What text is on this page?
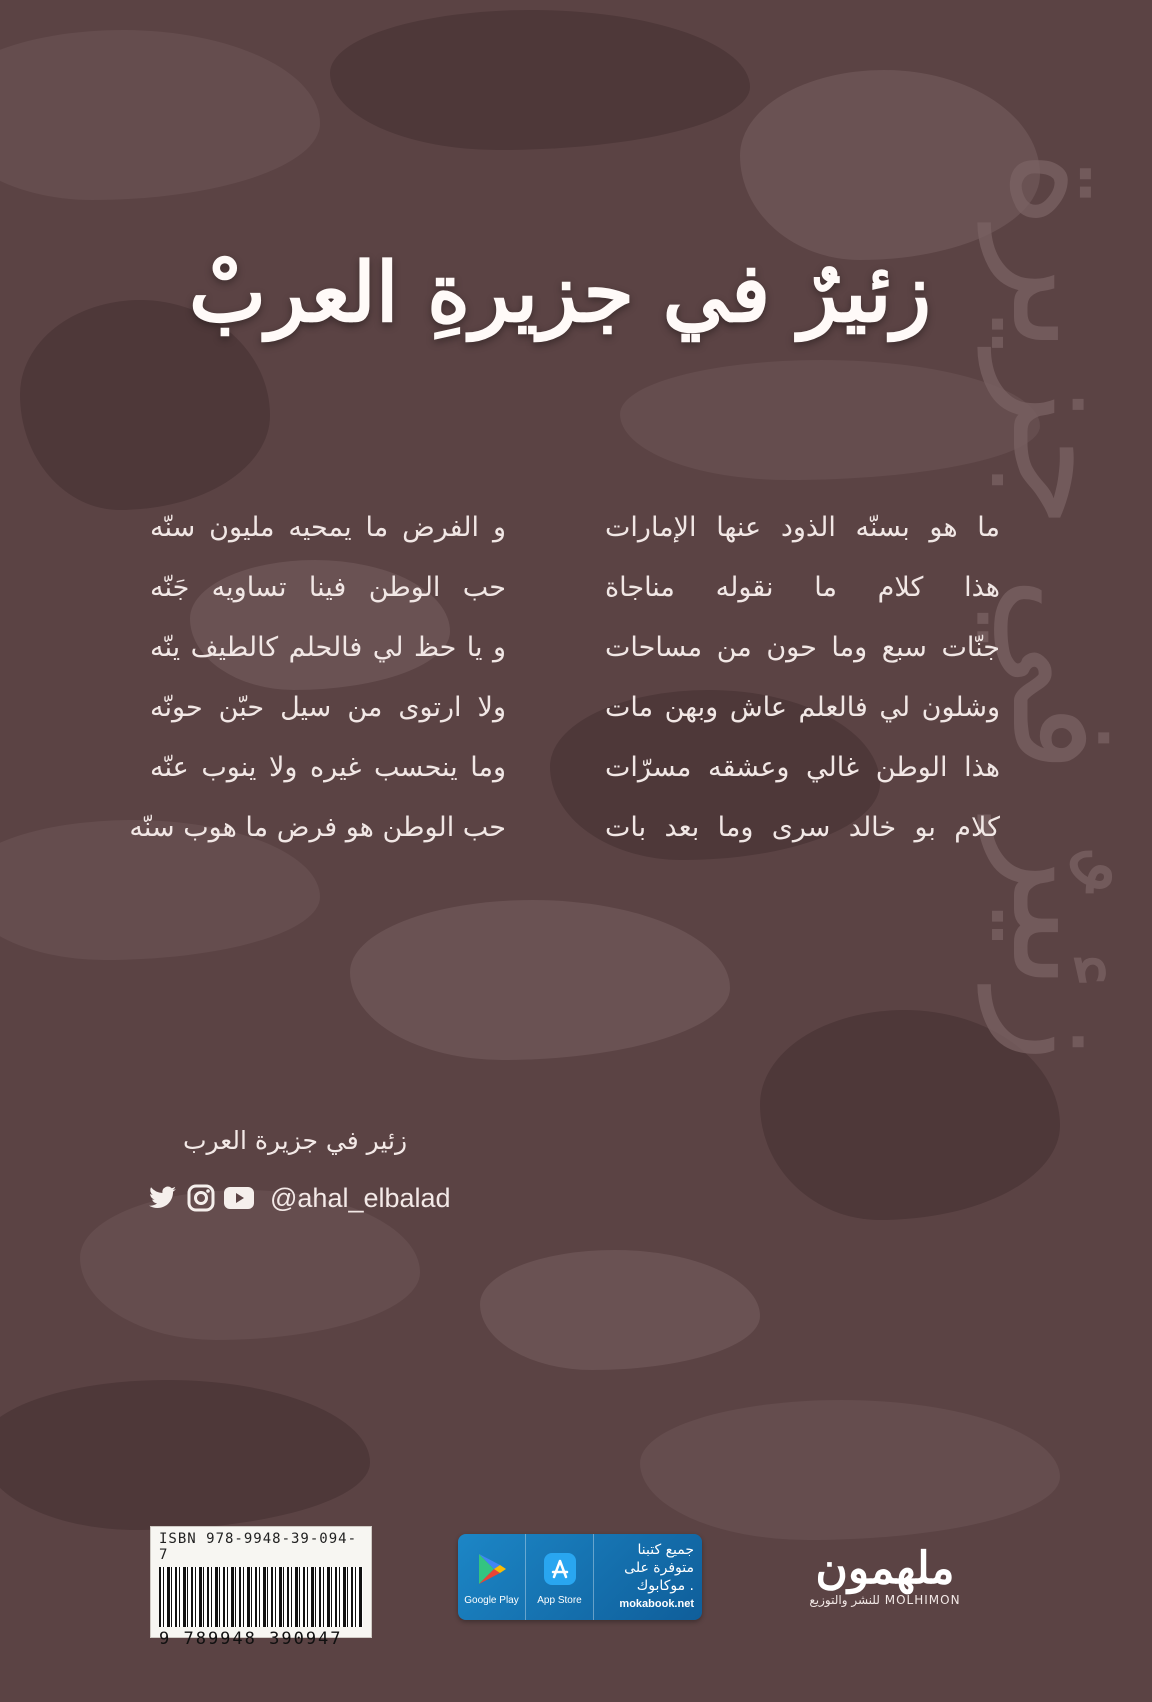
زئيرٌ في جزيرة
زئيرٌ في جزيرةِ العربْ
ما هو بسنّه الذود عنها الإمارات
هذا كلام ما نقوله مناجاة
جنّات سبع وما حون من مساحات
وشلون لي فالعلم عاش وبهن مات
هذا الوطن غالي وعشقه مسرّات
كلام بو خالد سرى وما بعد بات
و الفرض ما يمحيه مليون سنّه
حب الوطن فينا تساويه جَنّه
و يا حظ لي فالحلم كالطيف ينّه
ولا ارتوى من سيل حبّن حونّه
وما ينحسب غيره ولا ينوب عنّه
حب الوطن هو فرض ما هوب سنّه
زئير في جزيرة العرب
@ahal_elbalad
ISBN 978-9948-39-094-7
9 789948 390947
Google Play App Store
جميع كتبنا
متوفرة على
. موكابوك
mokabook.net
ملهمون
MOLHIMON للنشر والتوزيع
